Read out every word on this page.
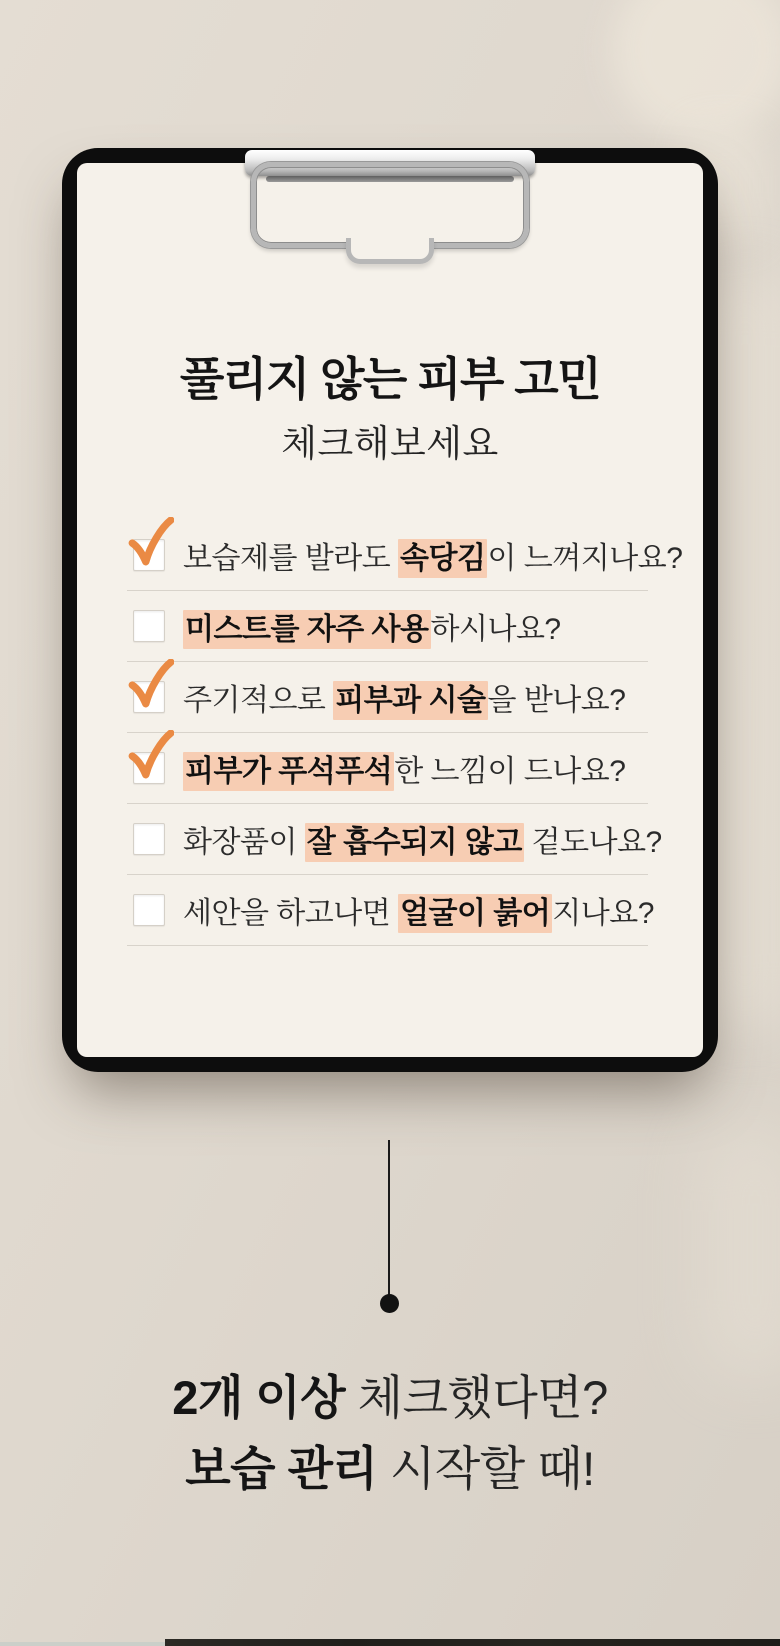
풀리지 않는 피부 고민
체크해보세요
보습제를 발라도 속당김이 느껴지나요?
미스트를 자주 사용하시나요?
주기적으로 피부과 시술을 받나요?
피부가 푸석푸석한 느낌이 드나요?
화장품이 잘 흡수되지 않고 겉도나요?
세안을 하고나면 얼굴이 붉어지나요?
2개 이상 체크했다면?
보습 관리 시작할 때!
